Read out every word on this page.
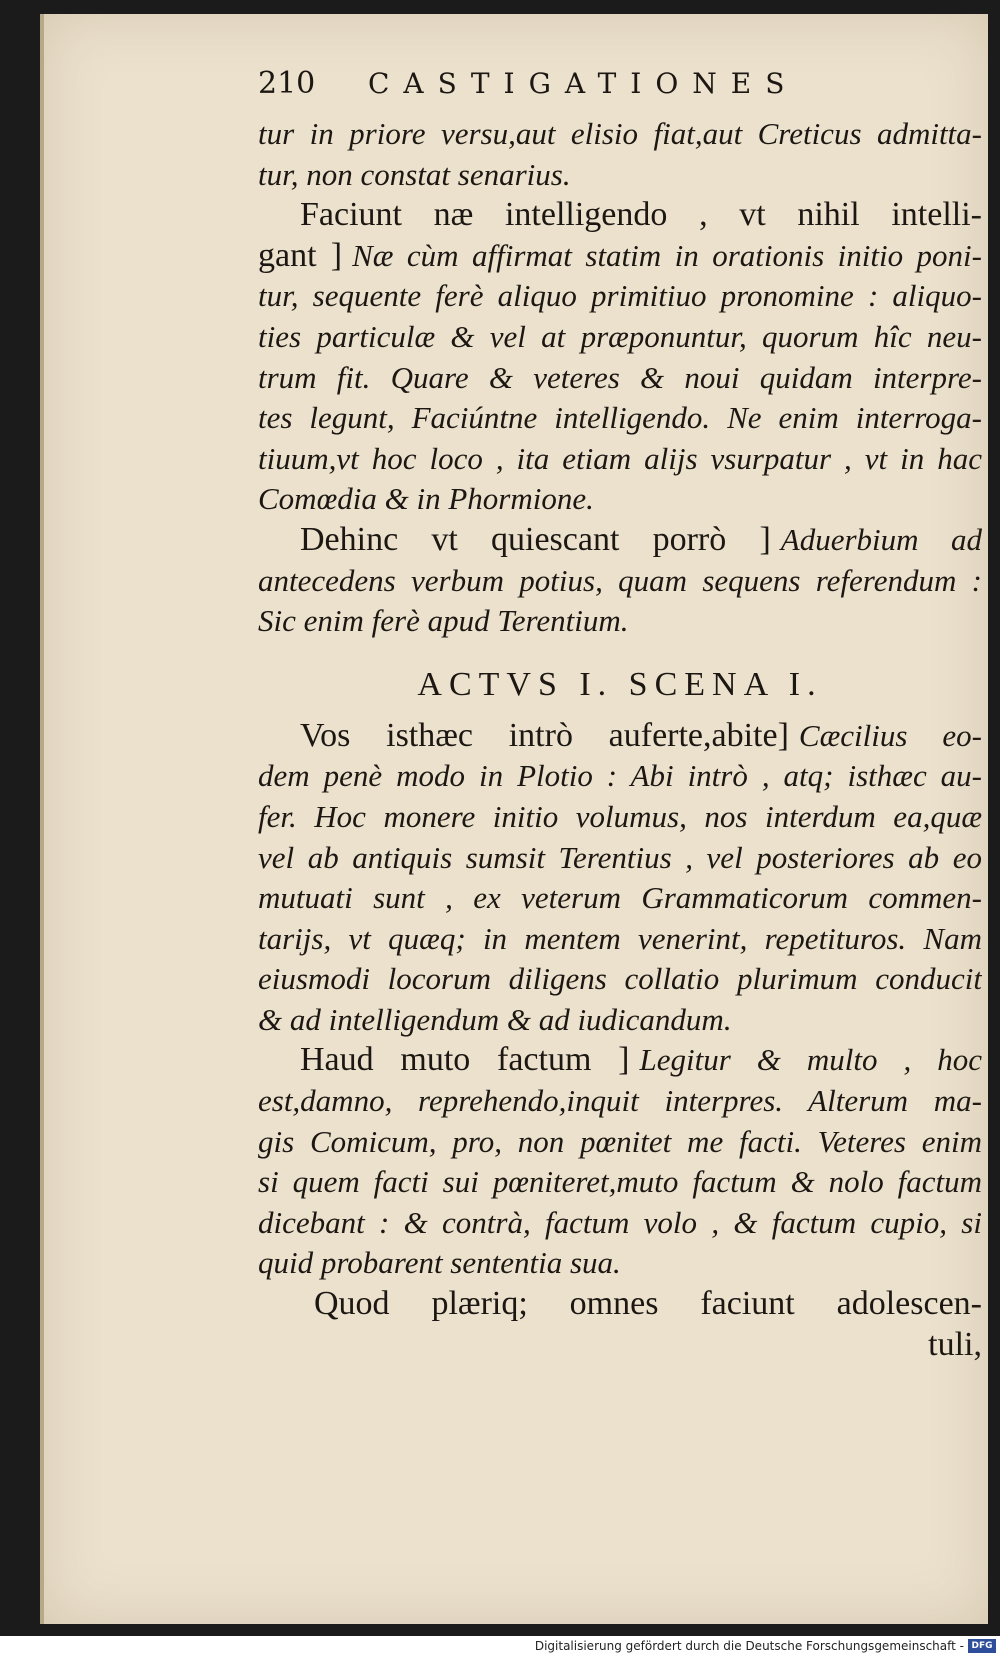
210	CASTIGATIONES
tur in priore versu,aut elisio fiat,aut Creticus admitta-
tur, non constat senarius.
Faciunt næ intelligendo , vt nihil intelli-
gant ] Næ cùm affirmat statim in orationis initio poni-
tur, sequente ferè aliquo primitiuo pronomine : aliquo-
ties particulæ & vel at præponuntur, quorum hîc neu-
trum fit. Quare & veteres & noui quidam interpre-
tes legunt, Faciúntne intelligendo. Ne enim interroga-
tiuum,vt hoc loco , ita etiam alijs vsurpatur , vt in hac
Comœdia & in Phormione.
Dehinc vt quiescant porrò ] Aduerbium ad
antecedens verbum potius, quam sequens referendum :
Sic enim ferè apud Terentium.
ACTVS I. SCENA I.
Vos isthæc intrò auferte,abite] Cæcilius eo-
dem penè modo in Plotio : Abi intrò , atq; isthæc au-
fer. Hoc monere initio volumus, nos interdum ea,quæ
vel ab antiquis sumsit Terentius , vel posteriores ab eo
mutuati sunt , ex veterum Grammaticorum commen-
tarijs, vt quæq; in mentem venerint, repetituros. Nam
eiusmodi locorum diligens collatio plurimum conducit
& ad intelligendum & ad iudicandum.
Haud muto factum ] Legitur & multo , hoc
est,damno, reprehendo,inquit interpres. Alterum ma-
gis Comicum, pro, non pœnitet me facti. Veteres enim
si quem facti sui pœniteret,muto factum & nolo factum
dicebant : & contrà, factum volo , & factum cupio, si
quid probarent sententia sua.
Quod plæriq; omnes faciunt adolescen-
tuli,
Digitalisierung gefördert durch die Deutsche Forschungsgemeinschaft - DFG
